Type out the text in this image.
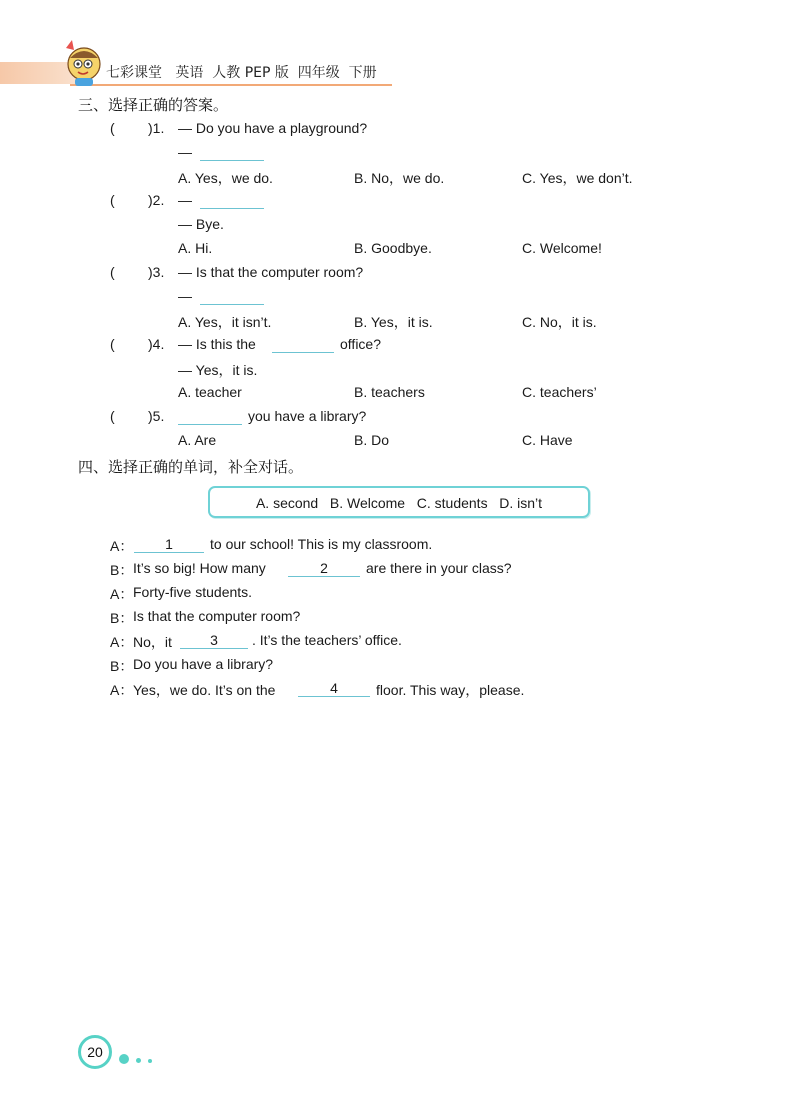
七彩课堂   英语  人教 PEP 版  四年级  下册
三、选择正确的答案。
( )1. — Do you have a playground?
—
A. Yes，we do.	B. No，we do.	C. Yes，we don’t.
( )2. —
— Bye.
A. Hi.	B. Goodbye.	C. Welcome!
( )3. — Is that the computer room?
—
A. Yes，it isn’t.	B. Yes，it is.	C. No，it is.
( )4. — Is this the	office?
— Yes，it is.
A. teacher	B. teachers	C. teachers’
( )5.	you have a library?
A. Are	B. Do	C. Have
四、选择正确的单词，补全对话。
A. second   B. Welcome   C. students   D. isn’t
A：	1	to our school! This is my classroom.
B： It’s so big! How many	2	are there in your class?
A： Forty-five students.
B： Is that the computer room?
A： No，it	3	. It’s the teachers’ office.
B： Do you have a library?
A： Yes，we do. It’s on the	4	floor. This way，please.
20
